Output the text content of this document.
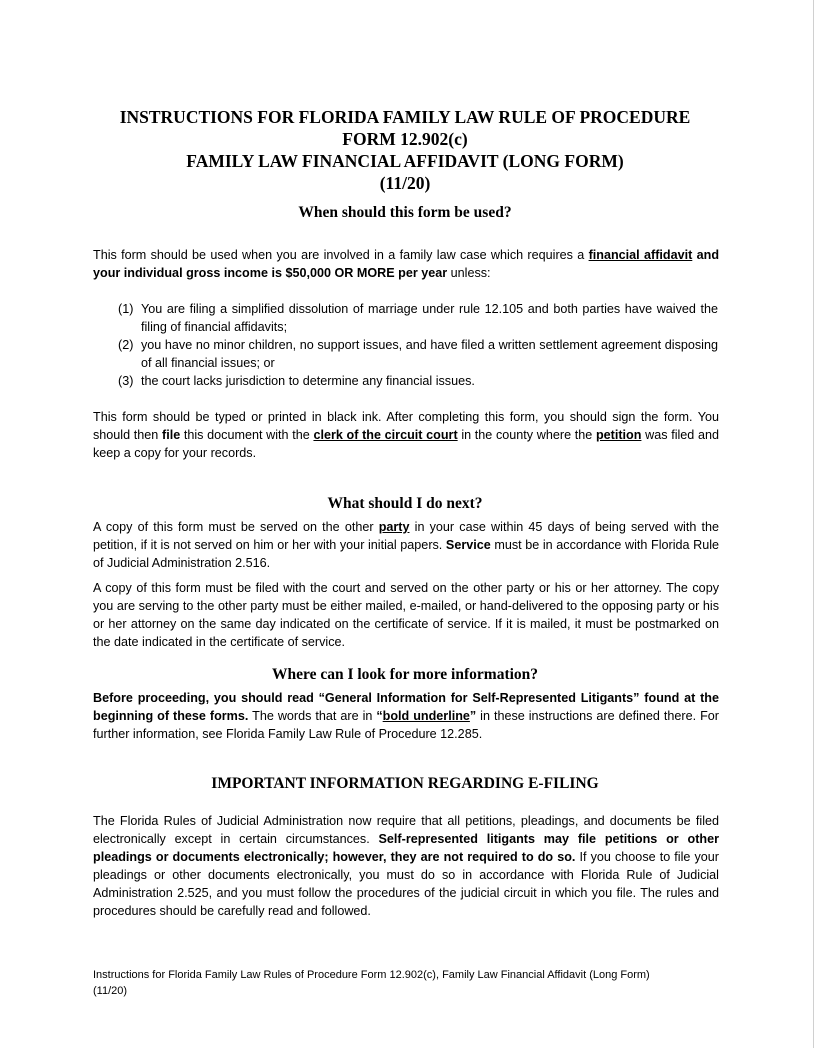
INSTRUCTIONS FOR FLORIDA FAMILY LAW RULE OF PROCEDURE
FORM 12.902(c)
FAMILY LAW FINANCIAL AFFIDAVIT (LONG FORM)
(11/20)
When should this form be used?
This form should be used when you are involved in a family law case which requires a financial affidavit and your individual gross income is $50,000 OR MORE per year unless:
(1) You are filing a simplified dissolution of marriage under rule 12.105 and both parties have waived the filing of financial affidavits;
(2) you have no minor children, no support issues, and have filed a written settlement agreement disposing of all financial issues; or
(3) the court lacks jurisdiction to determine any financial issues.
This form should be typed or printed in black ink. After completing this form, you should sign the form. You should then file this document with the clerk of the circuit court in the county where the petition was filed and keep a copy for your records.
What should I do next?
A copy of this form must be served on the other party in your case within 45 days of being served with the petition, if it is not served on him or her with your initial papers. Service must be in accordance with Florida Rule of Judicial Administration 2.516.
A copy of this form must be filed with the court and served on the other party or his or her attorney. The copy you are serving to the other party must be either mailed, e-mailed, or hand-delivered to the opposing party or his or her attorney on the same day indicated on the certificate of service. If it is mailed, it must be postmarked on the date indicated in the certificate of service.
Where can I look for more information?
Before proceeding, you should read “General Information for Self-Represented Litigants” found at the beginning of these forms. The words that are in “bold underline” in these instructions are defined there. For further information, see Florida Family Law Rule of Procedure 12.285.
IMPORTANT INFORMATION REGARDING E-FILING
The Florida Rules of Judicial Administration now require that all petitions, pleadings, and documents be filed electronically except in certain circumstances. Self-represented litigants may file petitions or other pleadings or documents electronically; however, they are not required to do so. If you choose to file your pleadings or other documents electronically, you must do so in accordance with Florida Rule of Judicial Administration 2.525, and you must follow the procedures of the judicial circuit in which you file. The rules and procedures should be carefully read and followed.
Instructions for Florida Family Law Rules of Procedure Form 12.902(c), Family Law Financial Affidavit (Long Form)
(11/20)
